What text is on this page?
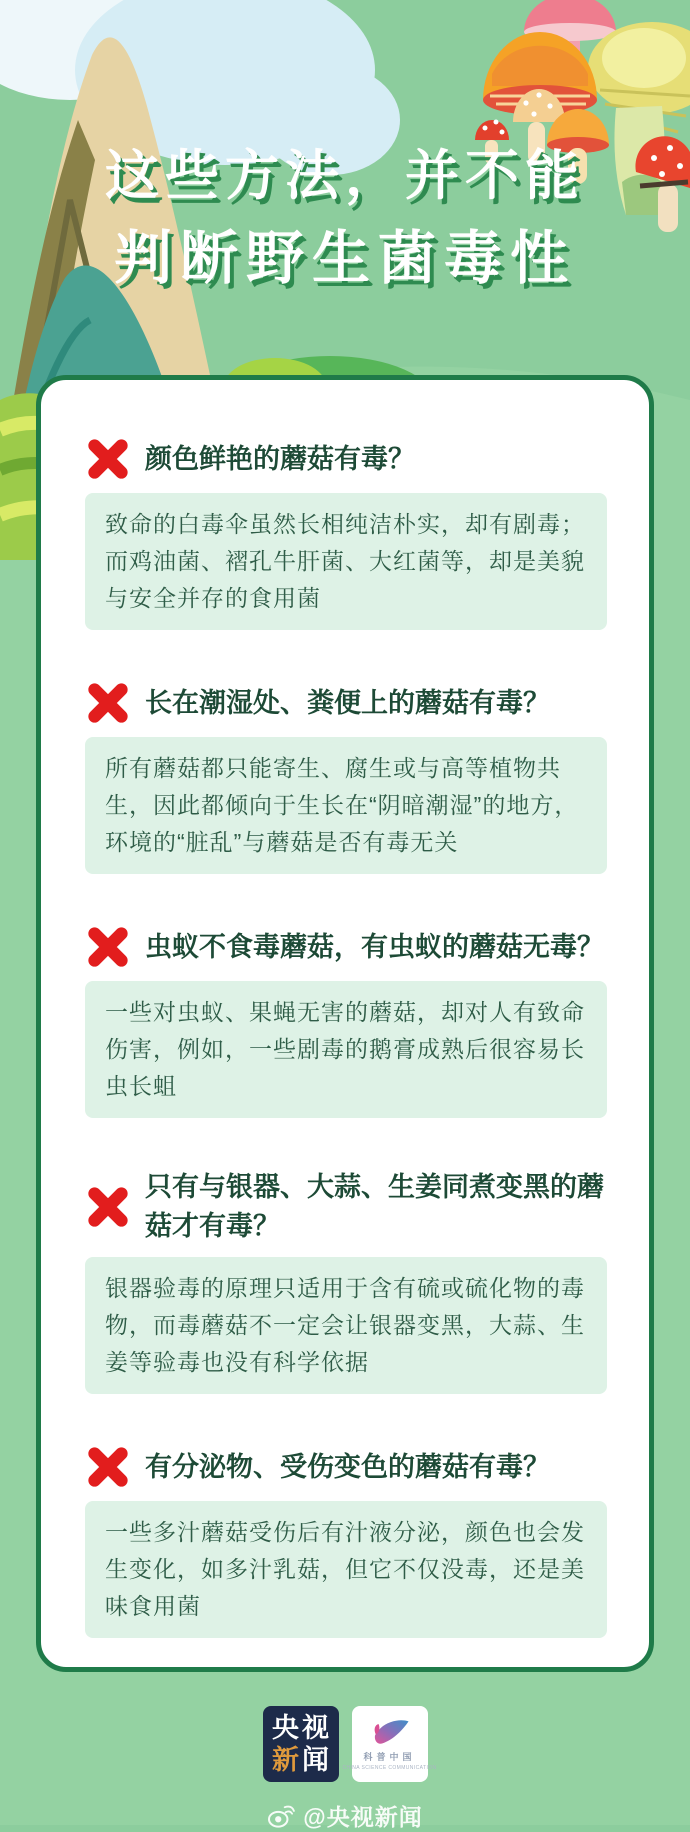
这些方法，并不能
判断野生菌毒性
颜色鲜艳的蘑菇有毒？
致命的白毒伞虽然长相纯洁朴实，却有剧毒；而鸡油菌、褶孔牛肝菌、大红菌等，却是美貌与安全并存的食用菌
长在潮湿处、粪便上的蘑菇有毒？
所有蘑菇都只能寄生、腐生或与高等植物共生，因此都倾向于生长在“阴暗潮湿”的地方，环境的“脏乱”与蘑菇是否有毒无关
虫蚁不食毒蘑菇，有虫蚁的蘑菇无毒？
一些对虫蚁、果蝇无害的蘑菇，却对人有致命伤害，例如，一些剧毒的鹅膏成熟后很容易长虫长蛆
只有与银器、大蒜、生姜同煮变黑的蘑菇才有毒？
银器验毒的原理只适用于含有硫或硫化物的毒物，而毒蘑菇不一定会让银器变黑，大蒜、生姜等验毒也没有科学依据
有分泌物、受伤变色的蘑菇有毒？
一些多汁蘑菇受伤后有汁液分泌，颜色也会发生变化，如多汁乳菇，但它不仅没毒，还是美味食用菌
央 视
新 闻	科普中国
CHINA SCIENCE COMMUNICATION
@央视新闻
